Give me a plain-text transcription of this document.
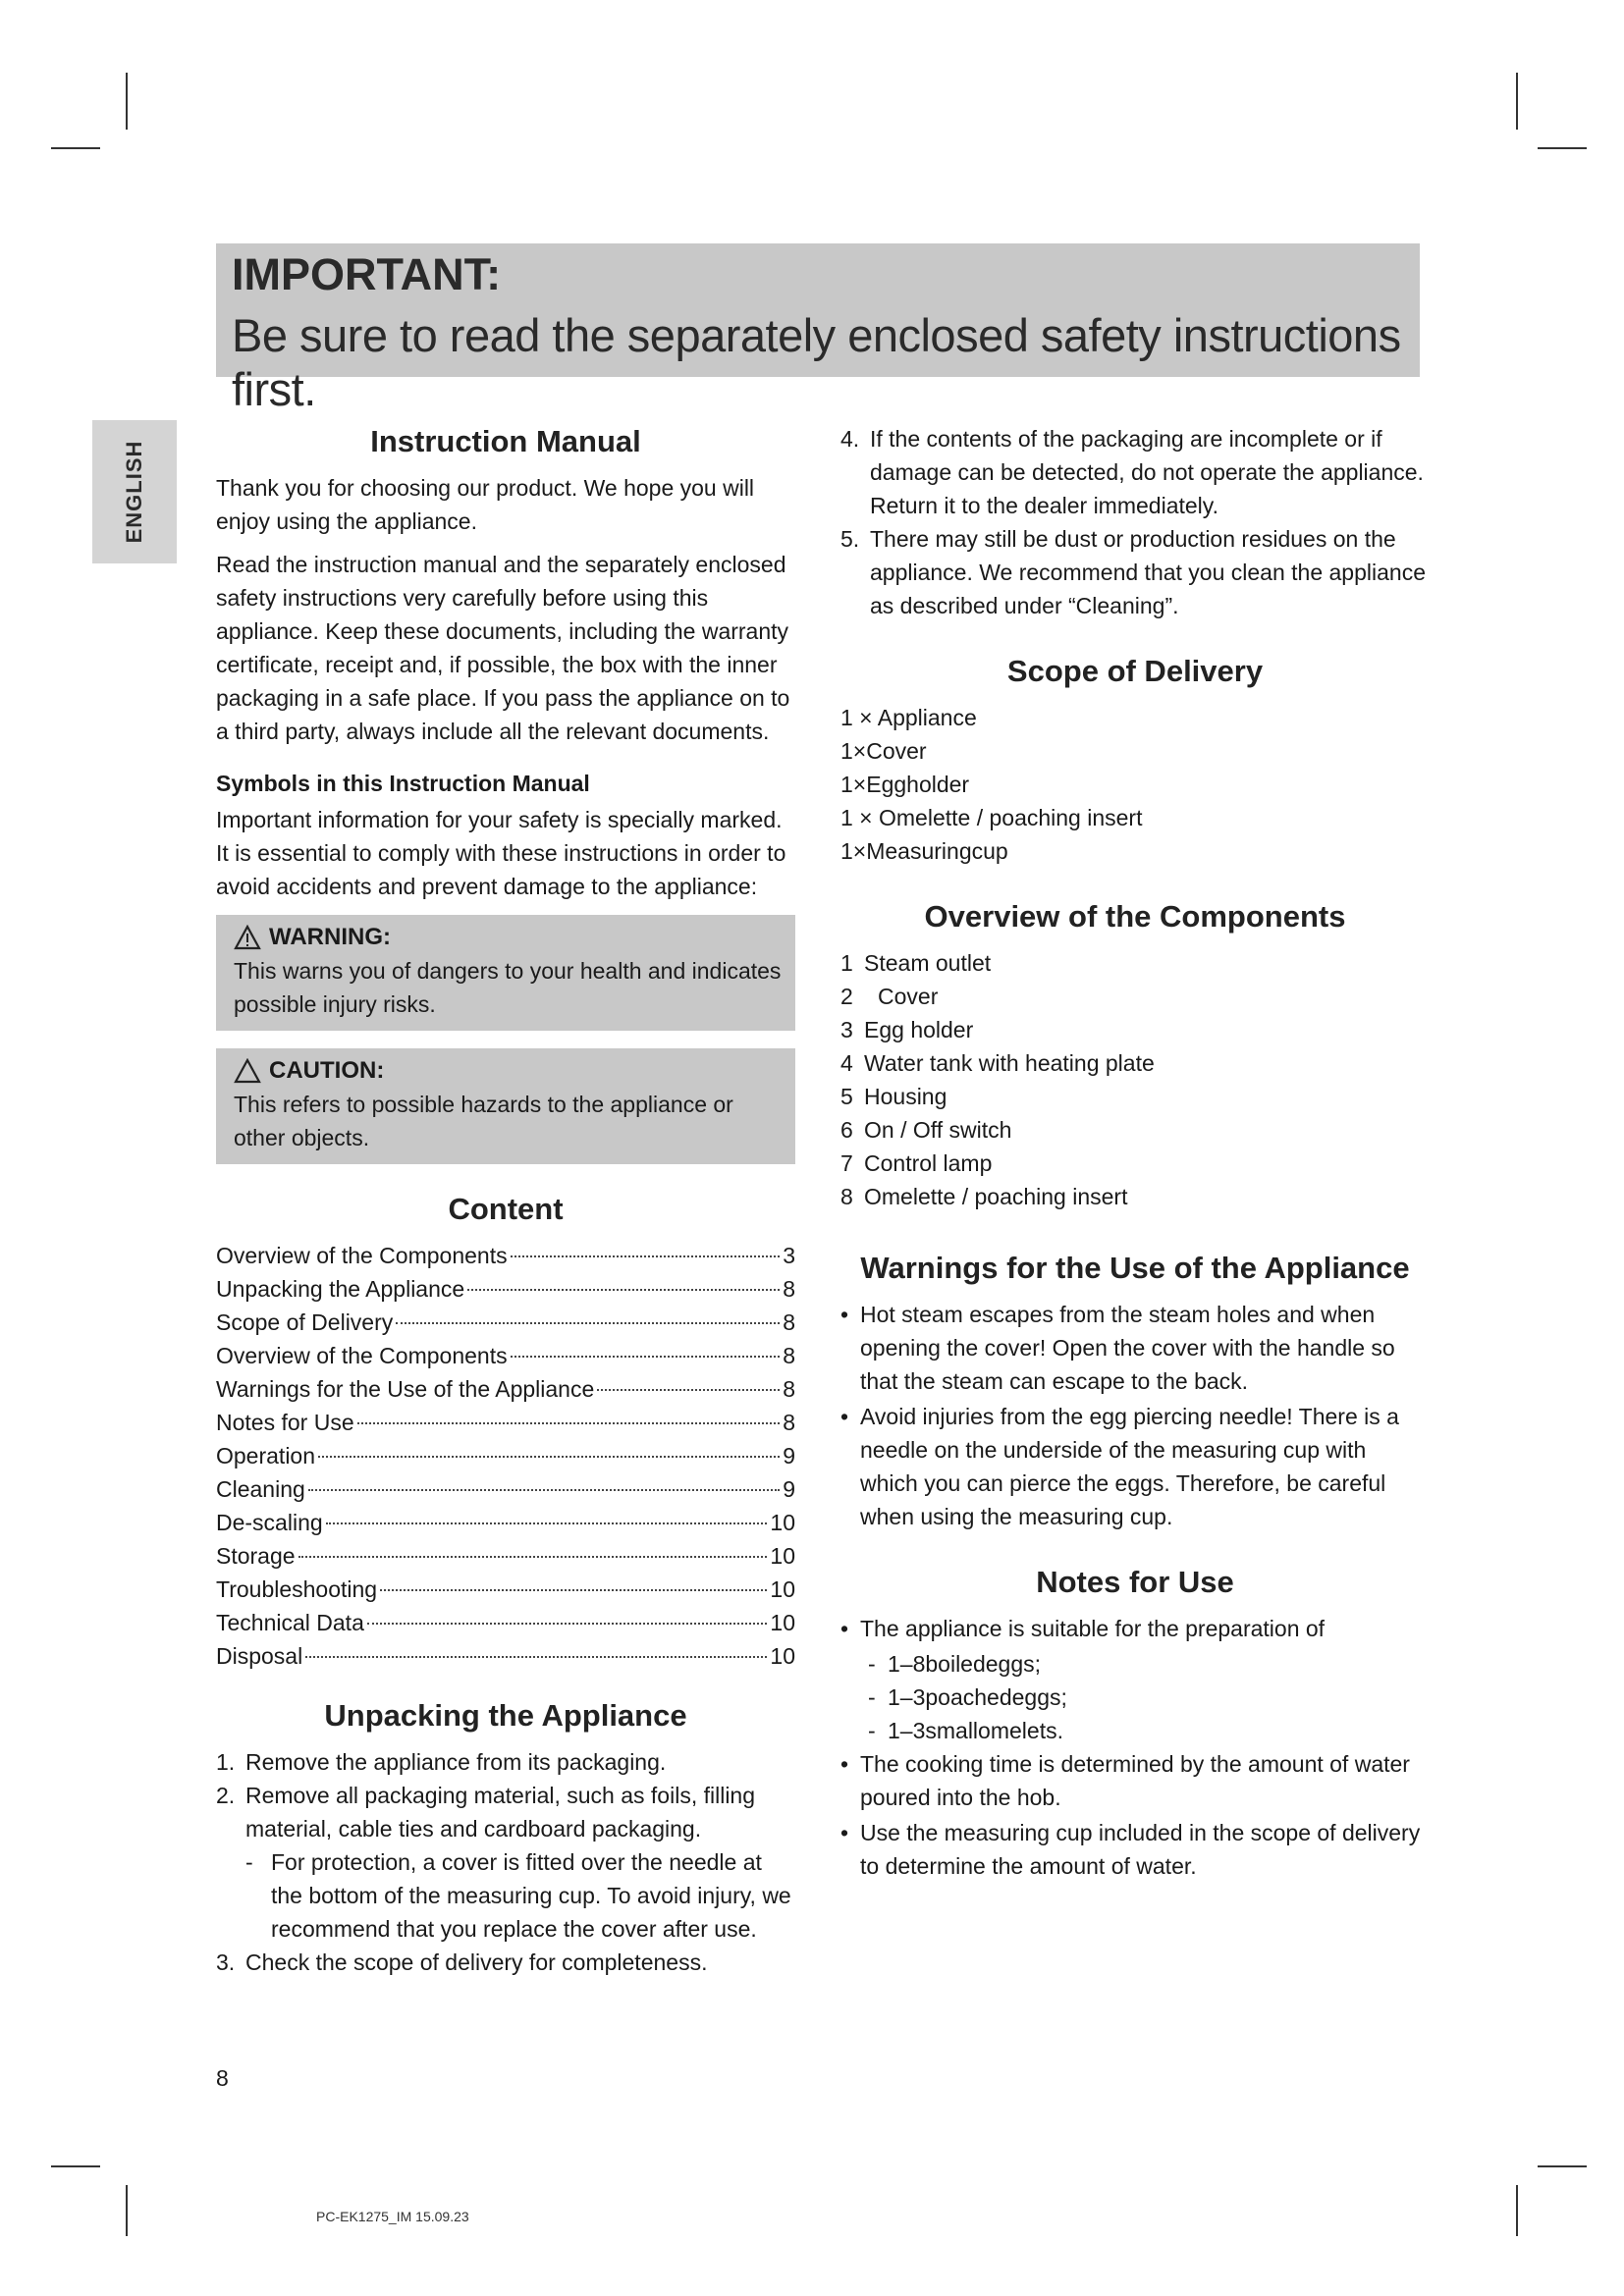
IMPORTANT:
Be sure to read the separately enclosed safety instructions first.
ENGLISH	Instruction Manual

Thank you for choosing our product. We hope you will enjoy using the appliance.

Read the instruction manual and the separately enclosed safety instructions very carefully before using this appliance. Keep these documents, including the warranty certificate, receipt and, if possible, the box with the inner packaging in a safe place. If you pass the appliance on to a third party, always include all the relevant documents.

Symbols in this Instruction Manual

Important information for your safety is specially marked. It is essential to comply with these instructions in order to avoid accidents and prevent damage to the appliance:

WARNING:
This warns you of dangers to your health and indicates possible injury risks.
CAUTION:
This refers to possible hazards to the appliance or other objects.
Content
Overview of the Components	3
Unpacking the Appliance	8
Scope of Delivery	8
Overview of the Components	8
Warnings for the Use of the Appliance	8
Notes for Use	8
Operation	9
Cleaning	9
De-scaling	10
Storage	10
Troubleshooting	10
Technical Data	10
Disposal	10
Unpacking the Appliance
1. Remove the appliance from its packaging.
2. Remove all packaging material, such as foils, filling material, cable ties and cardboard packaging.
- For protection, a cover is fitted over the needle at the bottom of the measuring cup. To avoid injury, we recommend that you replace the cover after use.
3. Check the scope of delivery for completeness.
4. If the contents of the packaging are incomplete or if damage can be detected, do not operate the appliance. Return it to the dealer immediately.
5. There may still be dust or production residues on the appliance. We recommend that you clean the appliance as described under “Cleaning”.
Scope of Delivery
1 × Appliance
1×Cover
1×Eggholder
1 × Omelette / poaching insert
1×Measuringcup
Overview of the Components
1 Steam outlet
2	Cover
3 Egg holder
4 Water tank with heating plate
5 Housing
6 On / Off switch
7 Control lamp
8 Omelette / poaching insert
Warnings for the Use of the Appliance
• Hot steam escapes from the steam holes and when opening the cover! Open the cover with the handle so that the steam can escape to the back.
• Avoid injuries from the egg piercing needle! There is a needle on the underside of the measuring cup with which you can pierce the eggs. Therefore, be careful when using the measuring cup.
Notes for Use
• The appliance is suitable for the preparation of
- 1–8boiledeggs;
- 1–3poachedeggs;
- 1–3smallomelets.
• The cooking time is determined by the amount of water poured into the hob.
• Use the measuring cup included in the scope of delivery to determine the amount of water.
8
PC-EK1275_IM 15.09.23
